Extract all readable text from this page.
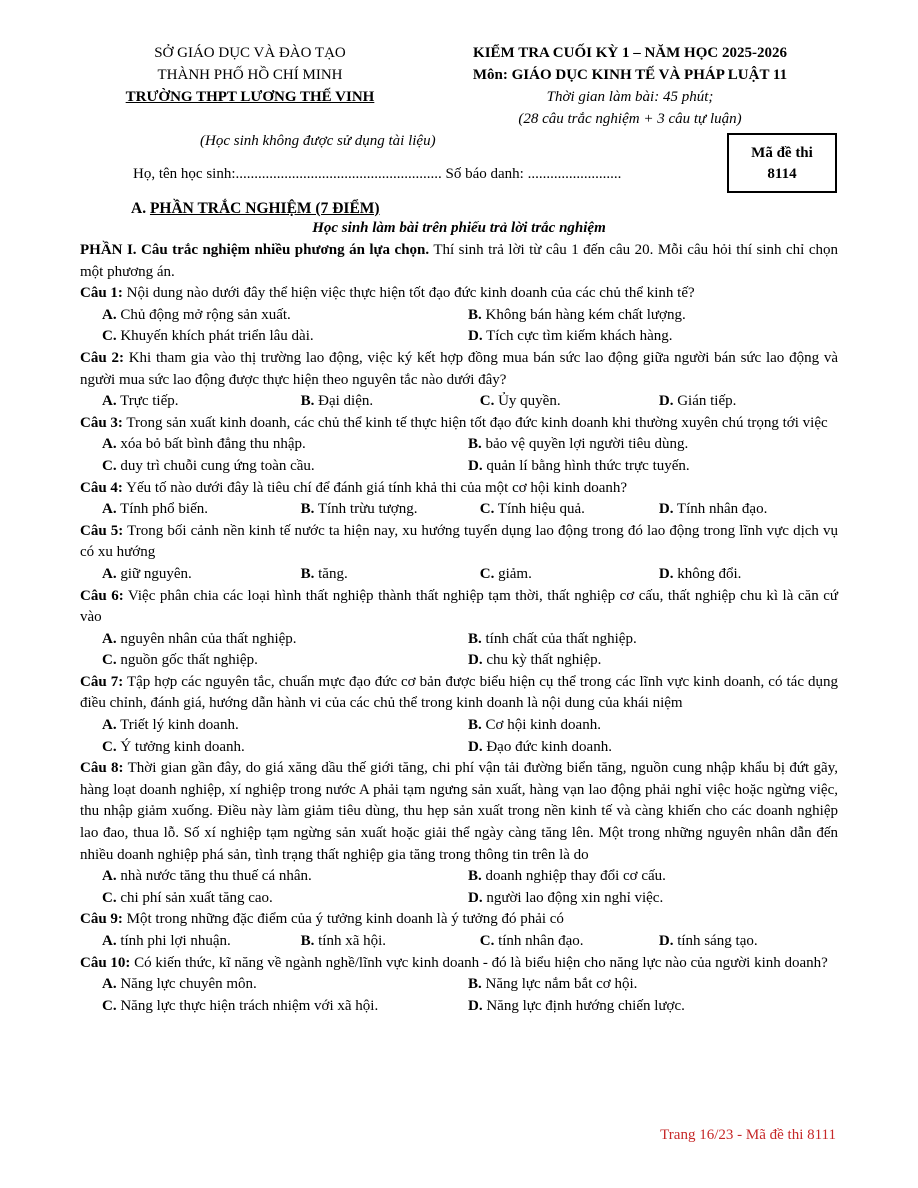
SỞ GIÁO DỤC VÀ ĐÀO TẠO
THÀNH PHỐ HỒ CHÍ MINH
TRƯỜNG THPT LƯƠNG THẾ VINH
KIỂM TRA CUỐI KỲ 1 – NĂM HỌC 2025-2026
Môn: GIÁO DỤC KINH TẾ VÀ PHÁP LUẬT 11
Thời gian làm bài: 45 phút;
(28 câu trắc nghiệm + 3 câu tự luận)
(Học sinh không được sử dụng tài liệu)
Mã đề thi
8114
Họ, tên học sinh:....................................................... Số báo danh: .........................
A. PHẦN TRẮC NGHIỆM (7 ĐIỂM)
Học sinh làm bài trên phiếu trả lời trắc nghiệm

PHẦN I. Câu trắc nghiệm nhiều phương án lựa chọn. Thí sinh trả lời từ câu 1 đến câu 20. Mỗi câu hỏi thí sinh chỉ chọn một phương án.

Câu 1: Nội dung nào dưới đây thể hiện việc thực hiện tốt đạo đức kinh doanh của các chủ thể kinh tế?

A. Chủ động mở rộng sản xuất.	B. Không bán hàng kém chất lượng.
C. Khuyến khích phát triển lâu dài.	D. Tích cực tìm kiếm khách hàng.

Câu 2: Khi tham gia vào thị trường lao động, việc ký kết hợp đồng mua bán sức lao động giữa người bán sức lao động và người mua sức lao động được thực hiện theo nguyên tắc nào dưới đây?

A. Trực tiếp.	B. Đại diện.	C. Ủy quyền.	D. Gián tiếp.

Câu 3: Trong sản xuất kinh doanh, các chủ thể kinh tế thực hiện tốt đạo đức kinh doanh khi thường xuyên chú trọng tới việc

A. xóa bỏ bất bình đẳng thu nhập.	B. bảo vệ quyền lợi người tiêu dùng.
C. duy trì chuỗi cung ứng toàn cầu.	D. quản lí bằng hình thức trực tuyến.

Câu 4: Yếu tố nào dưới đây là tiêu chí để đánh giá tính khả thi của một cơ hội kinh doanh?

A. Tính phổ biến.	B. Tính trừu tượng.	C. Tính hiệu quả.	D. Tính nhân đạo.

Câu 5: Trong bối cảnh nền kinh tế nước ta hiện nay, xu hướng tuyển dụng lao động trong đó lao động trong lĩnh vực dịch vụ có xu hướng

A. giữ nguyên.	B. tăng.	C. giảm.	D. không đổi.

Câu 6: Việc phân chia các loại hình thất nghiệp thành thất nghiệp tạm thời, thất nghiệp cơ cấu, thất nghiệp chu kì là căn cứ vào

A. nguyên nhân của thất nghiệp.	B. tính chất của thất nghiệp.
C. nguồn gốc thất nghiệp.	D. chu kỳ thất nghiệp.

Câu 7: Tập hợp các nguyên tắc, chuẩn mực đạo đức cơ bản được biểu hiện cụ thể trong các lĩnh vực kinh doanh, có tác dụng điều chỉnh, đánh giá, hướng dẫn hành vi của các chủ thể trong kinh doanh là nội dung của khái niệm

A. Triết lý kinh doanh.	B. Cơ hội kinh doanh.
C. Ý tưởng kinh doanh.	D. Đạo đức kinh doanh.

Câu 8: Thời gian gần đây, do giá xăng dầu thế giới tăng, chi phí vận tải đường biển tăng, nguồn cung nhập khẩu bị đứt gãy, hàng loạt doanh nghiệp, xí nghiệp trong nước A phải tạm ngưng sản xuất, hàng vạn lao động phải nghỉ việc hoặc ngừng việc, thu nhập giảm xuống. Điều này làm giảm tiêu dùng, thu hẹp sản xuất trong nền kinh tế và càng khiến cho các doanh nghiệp lao đao, thua lỗ. Số xí nghiệp tạm ngừng sản xuất hoặc giải thể ngày càng tăng lên. Một trong những nguyên nhân dẫn đến nhiều doanh nghiệp phá sản, tình trạng thất nghiệp gia tăng trong thông tin trên là do

A. nhà nước tăng thu thuế cá nhân.	B. doanh nghiệp thay đổi cơ cấu.
C. chi phí sản xuất tăng cao.	D. người lao động xin nghỉ việc.

Câu 9: Một trong những đặc điểm của ý tưởng kinh doanh là ý tưởng đó phải có

A. tính phi lợi nhuận.	B. tính xã hội.	C. tính nhân đạo.	D. tính sáng tạo.

Câu 10: Có kiến thức, kĩ năng về ngành nghề/lĩnh vực kinh doanh - đó là biểu hiện cho năng lực nào của người kinh doanh?

A. Năng lực chuyên môn.	B. Năng lực nắm bắt cơ hội.
C. Năng lực thực hiện trách nhiệm với xã hội.	D. Năng lực định hướng chiến lược.
Trang 16/23 - Mã đề thi 8111
